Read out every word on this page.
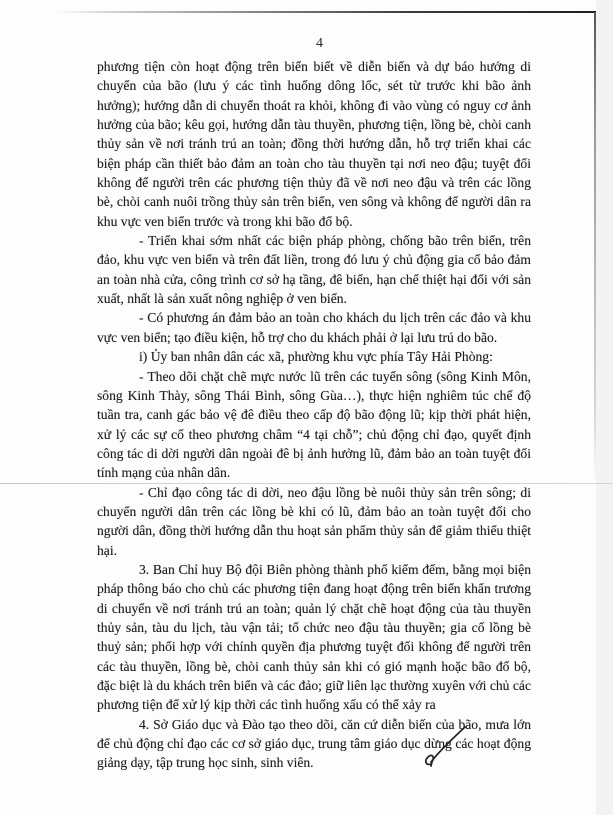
4

phương tiện còn hoạt động trên biển biết về diễn biến và dự báo hướng di chuyển của bão (lưu ý các tình huống dông lốc, sét từ trước khi bão ảnh hưởng); hướng dẫn di chuyển thoát ra khỏi, không đi vào vùng có nguy cơ ảnh hưởng của bão; kêu gọi, hướng dẫn tàu thuyền, phương tiện, lồng bè, chòi canh thủy sản về nơi tránh trú an toàn; đồng thời hướng dẫn, hỗ trợ triển khai các biện pháp cần thiết bảo đảm an toàn cho tàu thuyền tại nơi neo đậu; tuyệt đối không để người trên các phương tiện thủy đã về nơi neo đậu và trên các lồng bè, chòi canh nuôi trồng thủy sản trên biển, ven sông và không để người dân ra khu vực ven biển trước và trong khi bão đổ bộ.

- Triển khai sớm nhất các biện pháp phòng, chống bão trên biển, trên đảo, khu vực ven biển và trên đất liền, trong đó lưu ý chủ động gia cố bảo đảm an toàn nhà cửa, công trình cơ sở hạ tầng, đê biển, hạn chế thiệt hại đối với sản xuất, nhất là sản xuất nông nghiệp ở ven biển.

- Có phương án đảm bảo an toàn cho khách du lịch trên các đảo và khu vực ven biển; tạo điều kiện, hỗ trợ cho du khách phải ở lại lưu trú do bão.

i) Ủy ban nhân dân các xã, phường khu vực phía Tây Hải Phòng:

- Theo dõi chặt chẽ mực nước lũ trên các tuyến sông (sông Kinh Môn, sông Kinh Thày, sông Thái Bình, sông Gùa…), thực hiện nghiêm túc chế độ tuần tra, canh gác bảo vệ đê điều theo cấp độ bão động lũ; kịp thời phát hiện, xử lý các sự cố theo phương châm “4 tại chỗ”; chủ động chỉ đạo, quyết định công tác di dời người dân ngoài đê bị ảnh hưởng lũ, đảm bảo an toàn tuyệt đối tính mạng của nhân dân.

- Chỉ đạo công tác di dời, neo đậu lồng bè nuôi thủy sản trên sông; di chuyển người dân trên các lồng bè khi có lũ, đảm bảo an toàn tuyệt đối cho người dân, đồng thời hướng dẫn thu hoạt sản phẩm thủy sản để giảm thiểu thiệt hại.

3. Ban Chỉ huy Bộ đội Biên phòng thành phố kiểm đếm, bằng mọi biện pháp thông báo cho chủ các phương tiện đang hoạt động trên biển khẩn trương di chuyển về nơi tránh trú an toàn; quản lý chặt chẽ hoạt động của tàu thuyền thủy sản, tàu du lịch, tàu vận tải; tổ chức neo đậu tàu thuyền; gia cố lồng bè thuỷ sản; phối hợp với chính quyền địa phương tuyệt đối không để người trên các tàu thuyền, lồng bè, chòi canh thủy sản khi có gió mạnh hoặc bão đổ bộ, đặc biệt là du khách trên biển và các đảo; giữ liên lạc thường xuyên với chủ các phương tiện để xử lý kịp thời các tình huống xấu có thể xảy ra

4. Sở Giáo dục và Đào tạo theo dõi, căn cứ diễn biến của bão, mưa lớn để chủ động chỉ đạo các cơ sở giáo dục, trung tâm giáo dục dừng các hoạt động giảng dạy, tập trung học sinh, sinh viên.
